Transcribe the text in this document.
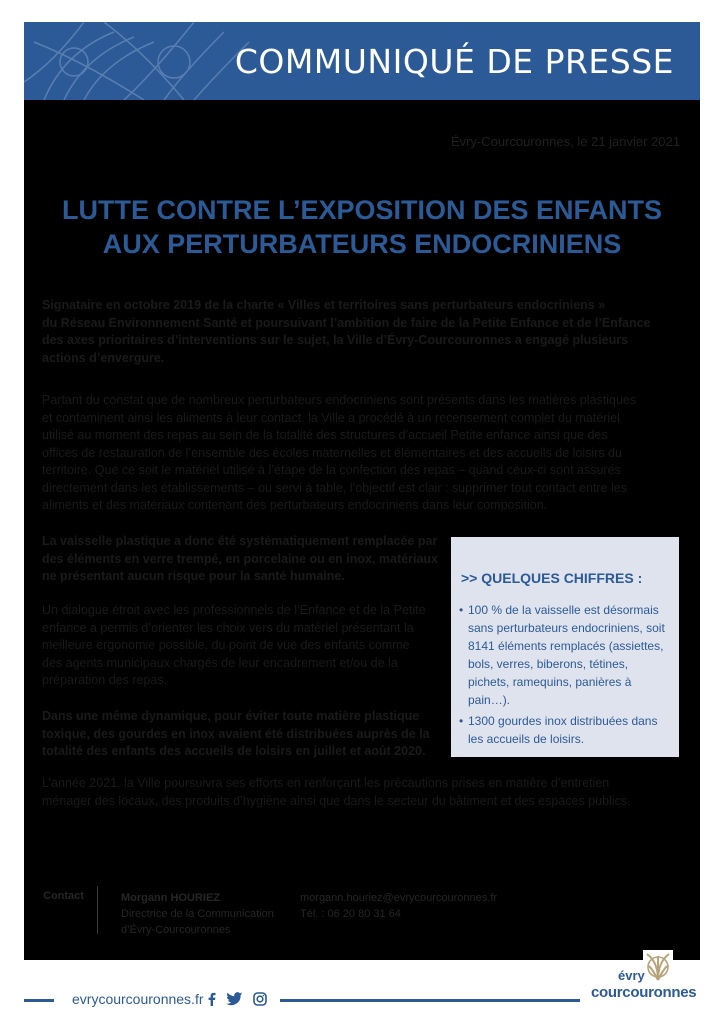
COMMUNIQUÉ DE PRESSE
Évry-Courcouronnes, le 21 janvier 2021
LUTTE CONTRE L’EXPOSITION DES ENFANTS
AUX PERTURBATEURS ENDOCRINIENS
Signataire en octobre 2019 de la charte « Villes et territoires sans perturbateurs endocriniens »
du Réseau Environnement Santé et poursuivant l’ambition de faire de la Petite Enfance et de l’Enfance
des axes prioritaires d’interventions sur le sujet, la Ville d’Évry-Courcouronnes a engagé plusieurs
actions d’envergure.
Partant du constat que de nombreux perturbateurs endocriniens sont présents dans les matières plastiques
et contaminent ainsi les aliments à leur contact, la Ville a procédé à un recensement complet du matériel
utilisé au moment des repas au sein de la totalité des structures d’accueil Petite enfance ainsi que des
offices de restauration de l’ensemble des écoles maternelles et élémentaires et des accueils de loisirs du
territoire. Que ce soit le matériel utilisé à l’étape de la confection des repas – quand ceux-ci sont assurés
directement dans les établissements – ou servi à table, l’objectif est clair : supprimer tout contact entre les
aliments et des matériaux contenant des perturbateurs endocriniens dans leur composition.
La vaisselle plastique a donc été systématiquement remplacée par
des éléments en verre trempé, en porcelaine ou en inox, matériaux
ne présentant aucun risque pour la santé humaine.
Un dialogue étroit avec les professionnels de l’Enfance et de la Petite
enfance a permis d’orienter les choix vers du matériel présentant la
meilleure ergonomie possible, du point de vue des enfants comme
des agents municipaux chargés de leur encadrement et/ou de la
préparation des repas.
Dans une même dynamique, pour éviter toute matière plastique
toxique, des gourdes en inox avaient été distribuées auprès de la
totalité des enfants des accueils de loisirs en juillet et août 2020.
L’année 2021, la Ville poursuivra ses efforts en renforçant les précautions prises en matière d’entretien
ménager des locaux, des produits d’hygiène ainsi que dans le secteur du bâtiment et des espaces publics.
>> QUELQUES CHIFFRES :
• 100 % de la vaisselle est désormais sans perturbateurs endocriniens, soit 8141 éléments remplacés (assiettes, bols, verres, biberons, tétines, pichets, ramequins, panières à pain…).
• 1300 gourdes inox distribuées dans les accueils de loisirs.
Contact	Morgann HOURIEZ
Directrice de la Communication
d’Évry-Courcouronnes
morgann.houriez@evrycourcouronnes.fr
Tél. : 06 20 80 31 64
evrycourcouronnes.fr
évry
courcouronnes
